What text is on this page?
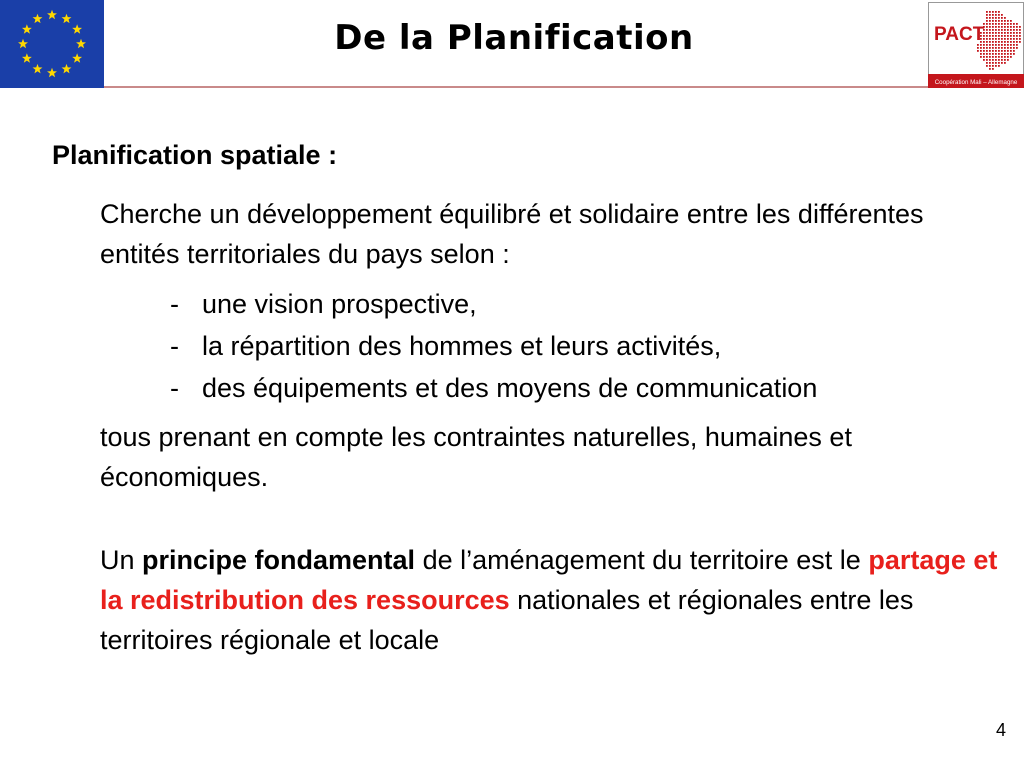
De la Planification	PACT
Coopération Mali – Allemagne
Planification spatiale :
Cherche un développement équilibré et solidaire entre les différentes entités territoriales du pays selon :
- une vision prospective,
- la répartition des hommes et leurs activités,
- des équipements et des moyens de communication
tous prenant en compte les contraintes naturelles, humaines et économiques.
Un principe fondamental de l’aménagement du territoire est le partage et la redistribution des ressources nationales et régionales entre les territoires régionale et locale
4
